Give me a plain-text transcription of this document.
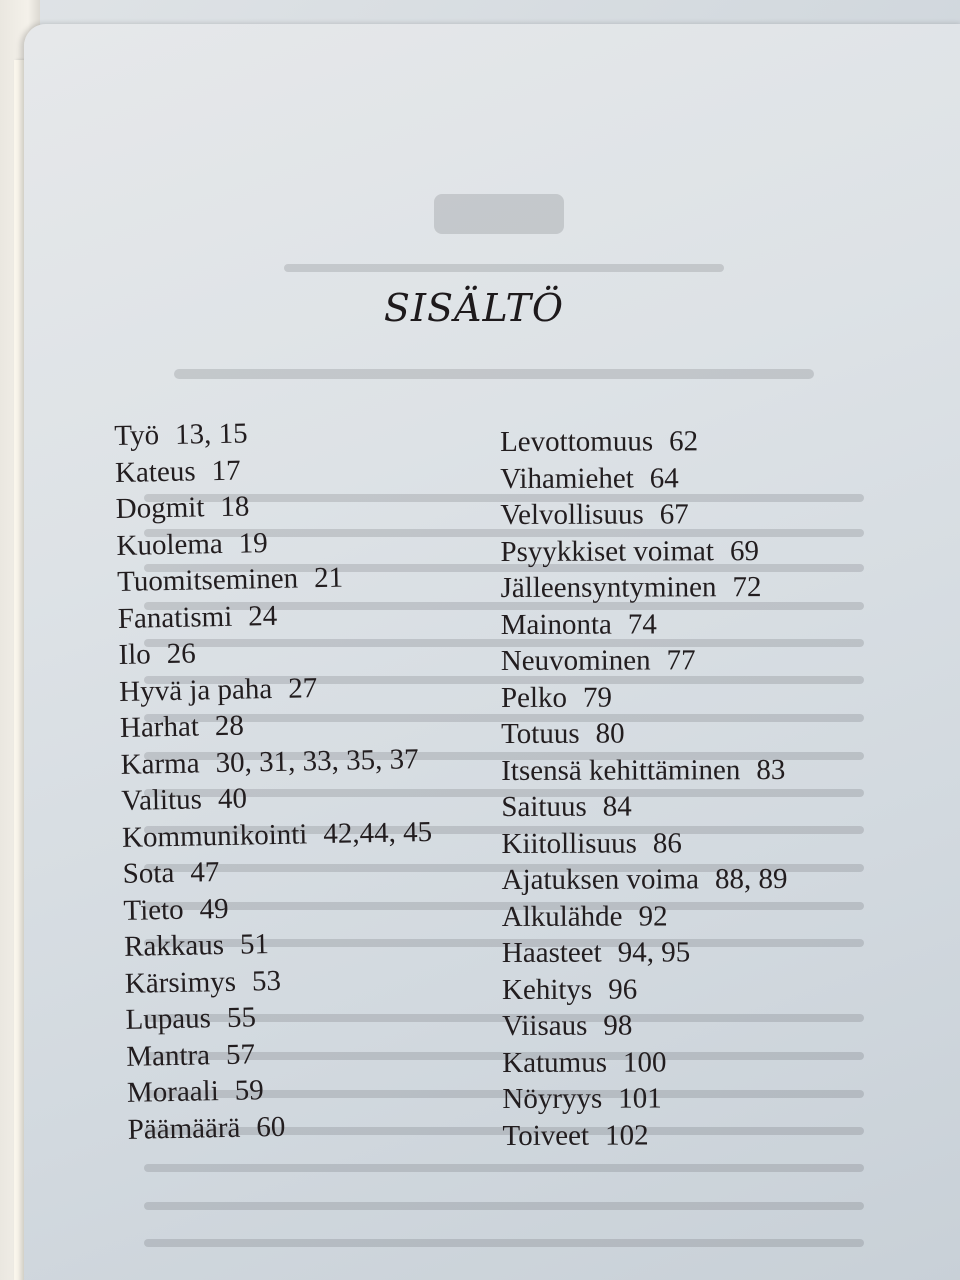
SISÄLTÖ
Työ 13, 15
Kateus 17
Dogmit 18
Kuolema 19
Tuomitseminen 21
Fanatismi 24
Ilo 26
Hyvä ja paha 27
Harhat 28
Karma 30, 31, 33, 35, 37
Valitus 40
Kommunikointi 42,44, 45
Sota 47
Tieto 49
Rakkaus 51
Kärsimys 53
Lupaus 55
Mantra 57
Moraali 59
Päämäärä 60
Levottomuus 62
Vihamiehet 64
Velvollisuus 67
Psyykkiset voimat 69
Jälleensyntyminen 72
Mainonta 74
Neuvominen 77
Pelko 79
Totuus 80
Itsensä kehittäminen 83
Saituus 84
Kiitollisuus 86
Ajatuksen voima 88, 89
Alkulähde 92
Haasteet 94, 95
Kehitys 96
Viisaus 98
Katumus 100
Nöyryys 101
Toiveet 102
